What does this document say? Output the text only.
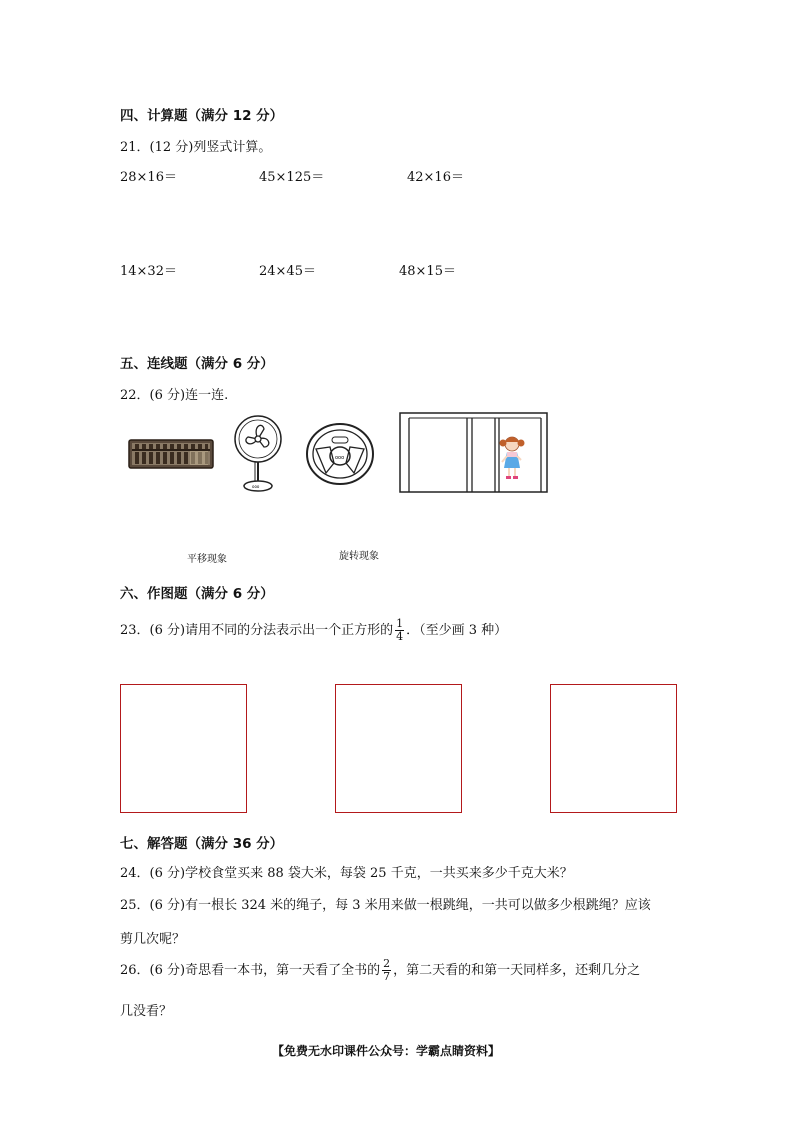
四、计算题（满分 12 分）
21．(12 分)列竖式计算。
28×16＝	45×125＝	42×16＝
14×32＝	24×45＝	48×15＝
五、连线题（满分 6 分）
22．(6 分)连一连.
ooo
ooo
平移现象	旋转现象
六、作图题（满分 6 分）
23．(6 分)请用不同的分法表示出一个正方形的 $\frac{1}{4}$ ．（至少画 3 种）
七、解答题（满分 36 分）
24．(6 分)学校食堂买来 88 袋大米，每袋 25 千克，一共买来多少千克大米？
25．(6 分)有一根长 324 米的绳子，每 3 米用来做一根跳绳，一共可以做多少根跳绳？应该
剪几次呢？
26．(6 分)奇思看一本书，第一天看了全书的 $\frac{2}{7}$ ，第二天看的和第一天同样多，还剩几分之
几没看？
【免费无水印课件公众号：学霸点睛资料】
